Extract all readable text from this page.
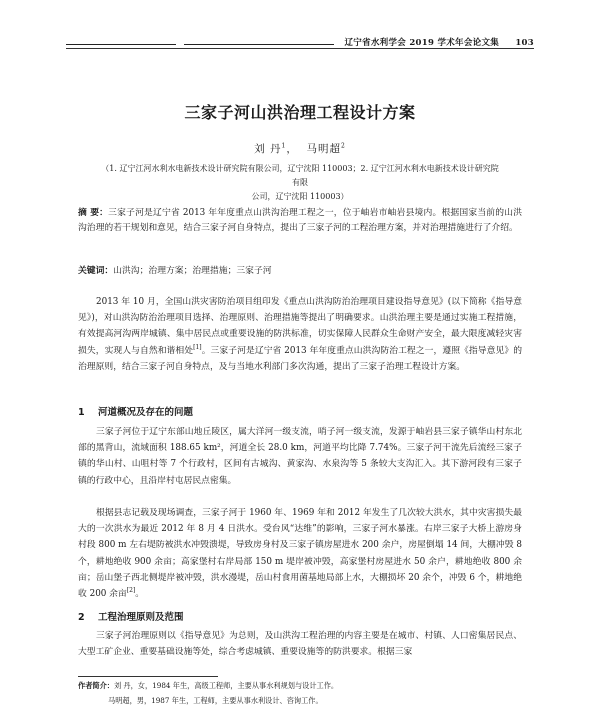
辽宁省水利学会 2019 学术年会论文集 103
三家子河山洪治理工程设计方案
刘 丹$^1$，  马明超$^2$
（1. 辽宁江河水利水电新技术设计研究院有限公司，辽宁沈阳 110003；2. 辽宁江河水利水电新技术设计研究院有限
公司，辽宁沈阳 110003）
摘 要：三家子河是辽宁省 2013 年年度重点山洪沟治理工程之一，位于岫岩市岫岩县境内。根据国家当前的山洪沟治理的若干规划和意见，结合三家子河自身特点，提出了三家子河的工程治理方案，并对治理措施进行了介绍。
关键词：山洪沟；治理方案；治理措施；三家子河
2013 年 10 月，全国山洪灾害防治项目组印发《重点山洪沟防治治理项目建设指导意见》(以下简称《指导意见》)，对山洪沟防治治理项目选择、治理原则、治理措施等提出了明确要求。山洪治理主要是通过实施工程措施，有效提高河沟两岸城镇、集中居民点或重要设施的防洪标准，切实保障人民群众生命财产安全，最大限度减轻灾害损失，实现人与自然和谐相处[1]。三家子河是辽宁省 2013 年年度重点山洪沟防治工程之一，遵照《指导意见》的治理原则，结合三家子河自身特点，及与当地水利部门多次沟通，提出了三家子治理工程设计方案。
1 河道概况及存在的问题
三家子河位于辽宁东部山地丘陵区，属大洋河一级支流，哨子河一级支流，发源于岫岩县三家子镇华山村东北部的黑背山，流域面积 188.65 km²，河道全长 28.0 km，河道平均比降 7.74%。三家子河干流先后流经三家子镇的华山村、山咀村等 7 个行政村，区间有古城沟、黄家沟、水泉沟等 5 条较大支沟汇入。其下游河段有三家子镇的行政中心，且沿岸村屯居民点密集。
根据县志记载及现场调查，三家子河于 1960 年、1969 年和 2012 年发生了几次较大洪水，其中灾害损失最大的一次洪水为最近 2012 年 8 月 4 日洪水。受台风“达维”的影响，三家子河水暴涨。右岸三家子大桥上游房身村段 800 m 左右堤防被洪水冲毁溃堤，导致房身村及三家子镇房屋进水 200 余户，房屋倒塌 14 间，大棚冲毁 8 个，耕地绝收 900 余亩；高家堡村右岸局部 150 m 堤岸被冲毁，高家堡村房屋进水 50 余户，耕地绝收 800 余亩；岳山堡子西北侧堤岸被冲毁，洪水漫堤，岳山村食用菌基地局部上水，大棚损坏 20 余个，冲毁 6 个，耕地绝收 200 余亩[2]。
2 工程治理原则及范围
三家子河治理原则以《指导意见》为总则，及山洪沟工程治理的内容主要是在城市、村镇、人口密集居民点、大型工矿企业、重要基础设施等处，综合考虑城镇、重要设施等的防洪要求。根据三家
作者简介：刘 丹，女，1984 年生，高级工程师，主要从事水利规划与设计工作。
马明超，男，1987 年生，工程师，主要从事水利设计、咨询工作。
